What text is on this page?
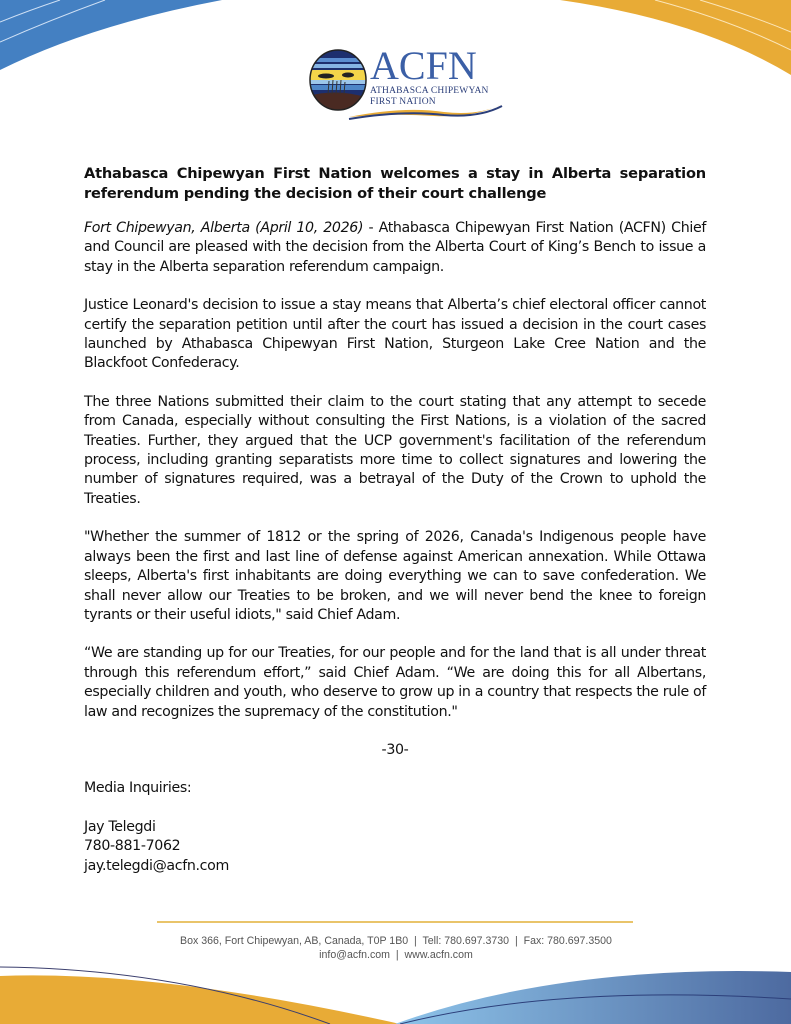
ACFN
ATHABASCA CHIPEWYAN
FIRST NATION
Athabasca Chipewyan First Nation welcomes a stay in Alberta separation referendum pending the decision of their court challenge

Fort Chipewyan, Alberta (April 10, 2026) - Athabasca Chipewyan First Nation (ACFN) Chief and Council are pleased with the decision from the Alberta Court of King’s Bench to issue a stay in the Alberta separation referendum campaign.

Justice Leonard's decision to issue a stay means that Alberta’s chief electoral officer cannot certify the separation petition until after the court has issued a decision in the court cases launched by Athabasca Chipewyan First Nation, Sturgeon Lake Cree Nation and the Blackfoot Confederacy.

The three Nations submitted their claim to the court stating that any attempt to secede from Canada, especially without consulting the First Nations, is a violation of the sacred Treaties. Further, they argued that the UCP government's facilitation of the referendum process, including granting separatists more time to collect signatures and lowering the number of signatures required, was a betrayal of the Duty of the Crown to uphold the Treaties.

"Whether the summer of 1812 or the spring of 2026, Canada's Indigenous people have always been the first and last line of defense against American annexation. While Ottawa sleeps, Alberta's first inhabitants are doing everything we can to save confederation. We shall never allow our Treaties to be broken, and we will never bend the knee to foreign tyrants or their useful idiots," said Chief Adam.

“We are standing up for our Treaties, for our people and for the land that is all under threat through this referendum effort,” said Chief Adam. “We are doing this for all Albertans, especially children and youth, who deserve to grow up in a country that respects the rule of law and recognizes the supremacy of the constitution."

-30-

Media Inquiries:

Jay Telegdi

780-881-7062

jay.telegdi@acfn.com

Box 366, Fort Chipewyan, AB, Canada, T0P 1B0  |  Tell: 780.697.3730  |  Fax: 780.697.3500
info@acfn.com  |  www.acfn.com
